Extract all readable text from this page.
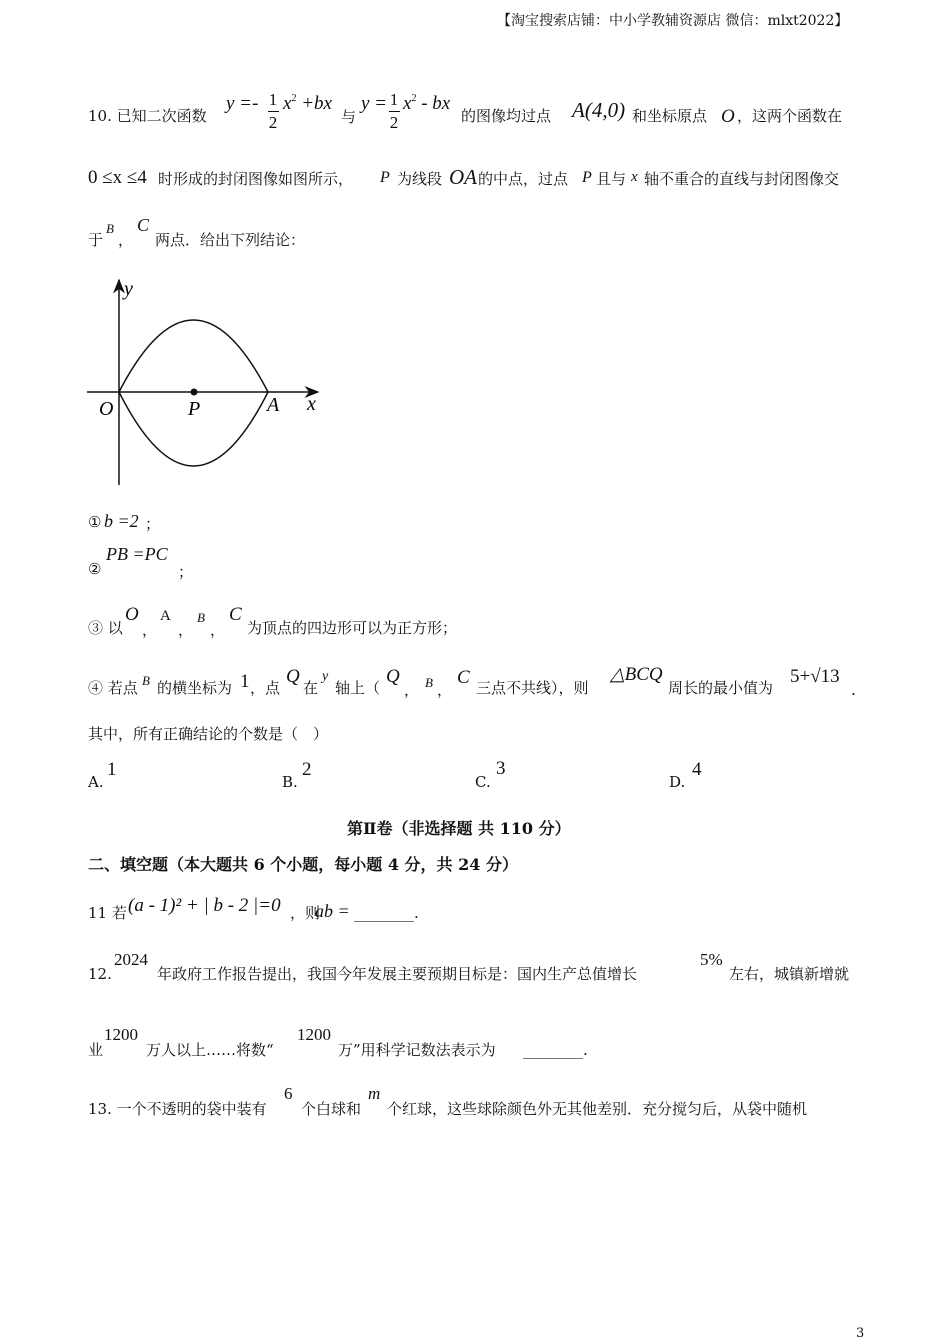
【淘宝搜索店铺：中小学教辅资源店 微信：mlxt2022】
10. 已知二次函数
y =- 1
2
$x^2 +bx$
与
y = 1
2
$x^2$ - bx
的图像均过点 A(4,0) 和坐标原点 O ，这两个函数在
0 ≤x ≤4 时形成的封闭图像如图所示， P 为线段 OA 的中点，过点 P 且与 x 轴不重合的直线与封闭图像交
于
B
，
C
两点．给出下列结论：
y
O	P	A x
① b =2 ；
②
PB =PC
；
③ 以
O
，
A
，
B
，
C
为顶点的四边形可以为正方形；
④ 若点 B 的横坐标为 1 ，点
Q
在
y
轴上（
Q
， B ，
C 三点不共线），则
△BCQ
周长的最小值为
5+√13
.
其中，所有正确结论的个数是（　）
A.
1
B.
2
C.
3
D.
4
第Ⅱ卷（非选择题 共 110 分）
二、填空题（本大题共 6 个小题，每小题 4 分，共 24 分）
11 若 (a - 1)² + | b - 2 |=0 ，则
ab = ________.
12.
2024
年政府工作报告提出，我国今年发展主要预期目标是：国内生产总值增长
5%
左右，城镇新增就
业
1200
万人以上……将数“
1200
万”用科学记数法表示为 ________.
13. 一个不透明的袋中装有
6
个白球和
m
个红球，这些球除颜色外无其他差别．充分搅匀后，从袋中随机
3
